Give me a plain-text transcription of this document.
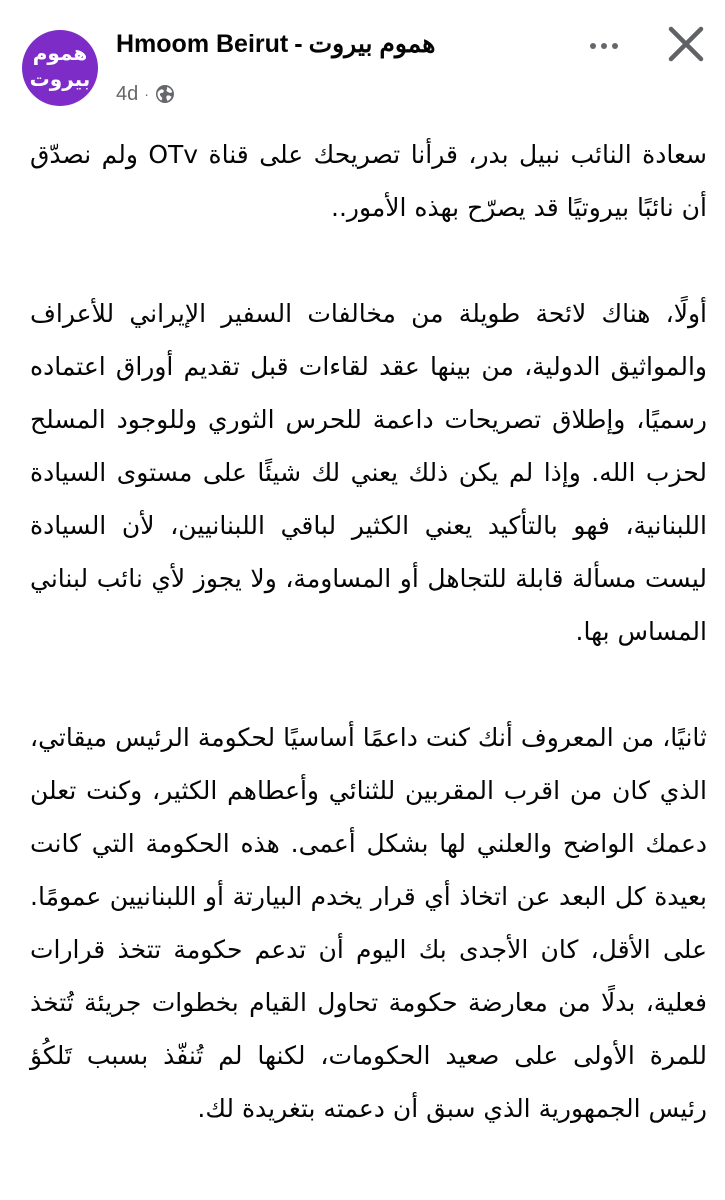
هموم بيروت
Hmoom Beirut - هموم بيروت
4d ·

سعادة النائب نبيل بدر، قرأنا تصريحك على قناة OTv ولم نصدّق أن نائبًا بيروتيًا قد يصرّح بهذه الأمور..

أولًا، هناك لائحة طويلة من مخالفات السفير الإيراني للأعراف والمواثيق الدولية، من بينها عقد لقاءات قبل تقديم أوراق اعتماده رسميًا، وإطلاق تصريحات داعمة للحرس الثوري وللوجود المسلح لحزب الله. وإذا لم يكن ذلك يعني لك شيئًا على مستوى السيادة اللبنانية، فهو بالتأكيد يعني الكثير لباقي اللبنانيين، لأن السيادة ليست مسألة قابلة للتجاهل أو المساومة، ولا يجوز لأي نائب لبناني المساس بها.

ثانيًا، من المعروف أنك كنت داعمًا أساسيًا لحكومة الرئيس ميقاتي، الذي كان من اقرب المقربين للثنائي وأعطاهم الكثير، وكنت تعلن دعمك الواضح والعلني لها بشكل أعمى. هذه الحكومة التي كانت بعيدة كل البعد عن اتخاذ أي قرار يخدم البيارتة أو اللبنانيين عمومًا. على الأقل، كان الأجدى بك اليوم أن تدعم حكومة تتخذ قرارات فعلية، بدلًا من معارضة حكومة تحاول القيام بخطوات جريئة تُتخذ للمرة الأولى على صعيد الحكومات، لكنها لم تُنفّذ بسبب تَلكُؤ رئيس الجمهورية الذي سبق أن دعمته بتغريدة لك.
